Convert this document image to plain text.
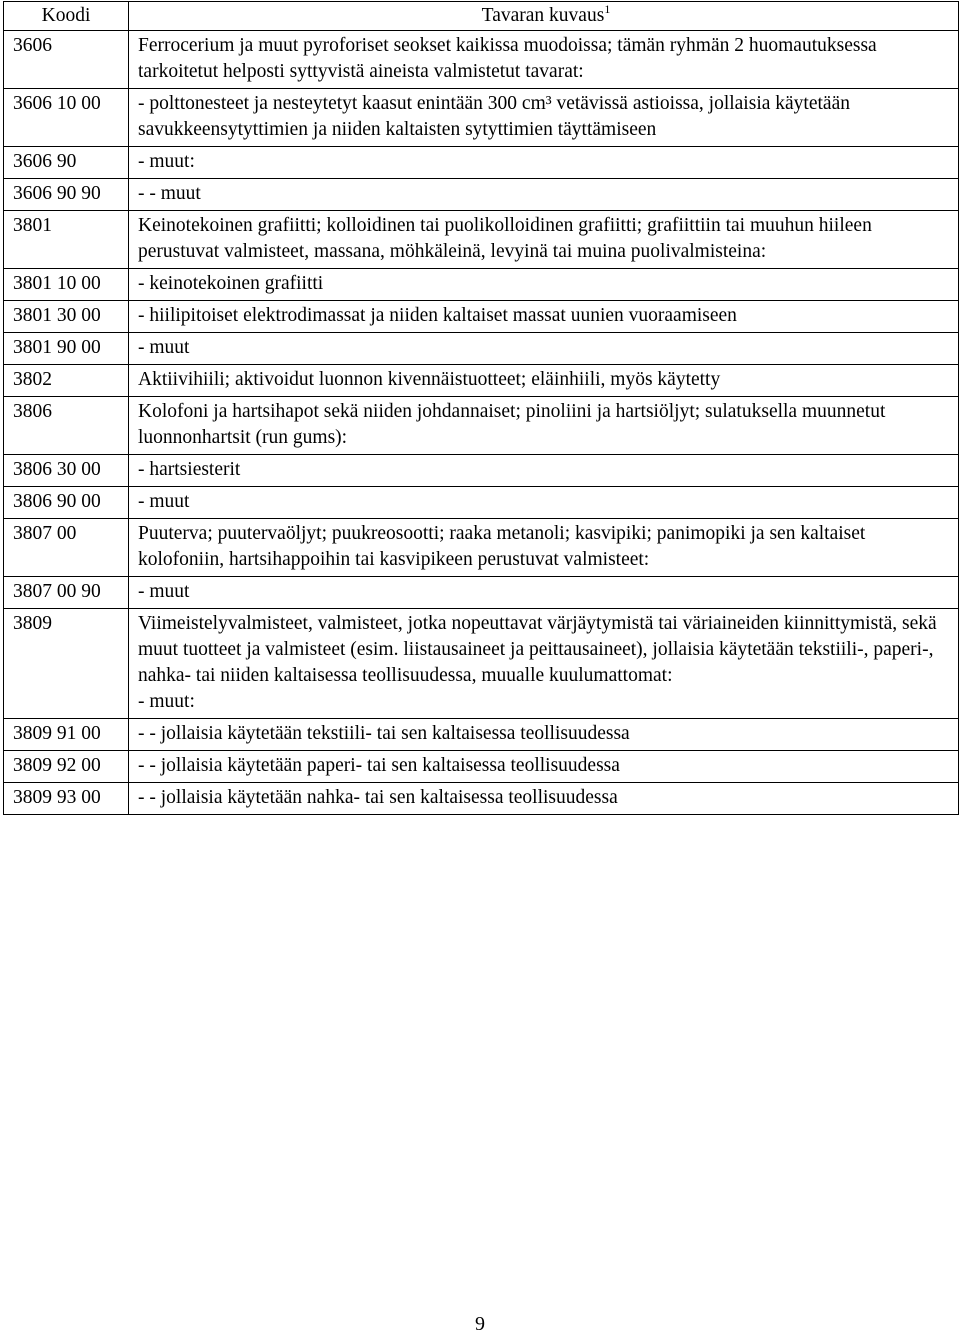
Koodi	Tavaran kuvaus$^1$
3606	Ferrocerium ja muut pyroforiset seokset kaikissa muodoissa; tämän ryhmän 2 huomautuksessa tarkoitetut helposti syttyvistä aineista valmistetut tavarat:
3606 10 00	- polttonesteet ja nesteytetyt kaasut enintään 300 cm³ vetävissä astioissa, jollaisia käytetään savukkeensytyttimien ja niiden kaltaisten sytyttimien täyttämiseen
3606 90	- muut:
3606 90 90	- - muut
3801	Keinotekoinen grafiitti; kolloidinen tai puolikolloidinen grafiitti; grafiittiin tai muuhun hiileen perustuvat valmisteet, massana, möhkäleinä, levyinä tai muina puolivalmisteina:
3801 10 00	- keinotekoinen grafiitti
3801 30 00	- hiilipitoiset elektrodimassat ja niiden kaltaiset massat uunien vuoraamiseen
3801 90 00	- muut
3802	Aktiivihiili; aktivoidut luonnon kivennäistuotteet; eläinhiili, myös käytetty
3806	Kolofoni ja hartsihapot sekä niiden johdannaiset; pinoliini ja hartsiöljyt; sulatuksella muunnetut luonnonhartsit (run gums):
3806 30 00	- hartsiesterit
3806 90 00	- muut
3807 00	Puuterva; puutervaöljyt; puukreosootti; raaka metanoli; kasvipiki; panimopiki ja sen kaltaiset kolofoniin, hartsihappoihin tai kasvipikeen perustuvat valmisteet:
3807 00 90	- muut
3809	Viimeistelyvalmisteet, valmisteet, jotka nopeuttavat värjäytymistä tai väriaineiden kiinnittymistä, sekä muut tuotteet ja valmisteet (esim. liistausaineet ja peittausaineet), jollaisia käytetään tekstiili-, paperi-, nahka- tai niiden kaltaisessa teollisuudessa, muualle kuulumattomat:
- muut:

3809 91 00	- - jollaisia käytetään tekstiili- tai sen kaltaisessa teollisuudessa
3809 92 00	- - jollaisia käytetään paperi- tai sen kaltaisessa teollisuudessa
3809 93 00	- - jollaisia käytetään nahka- tai sen kaltaisessa teollisuudessa
9
